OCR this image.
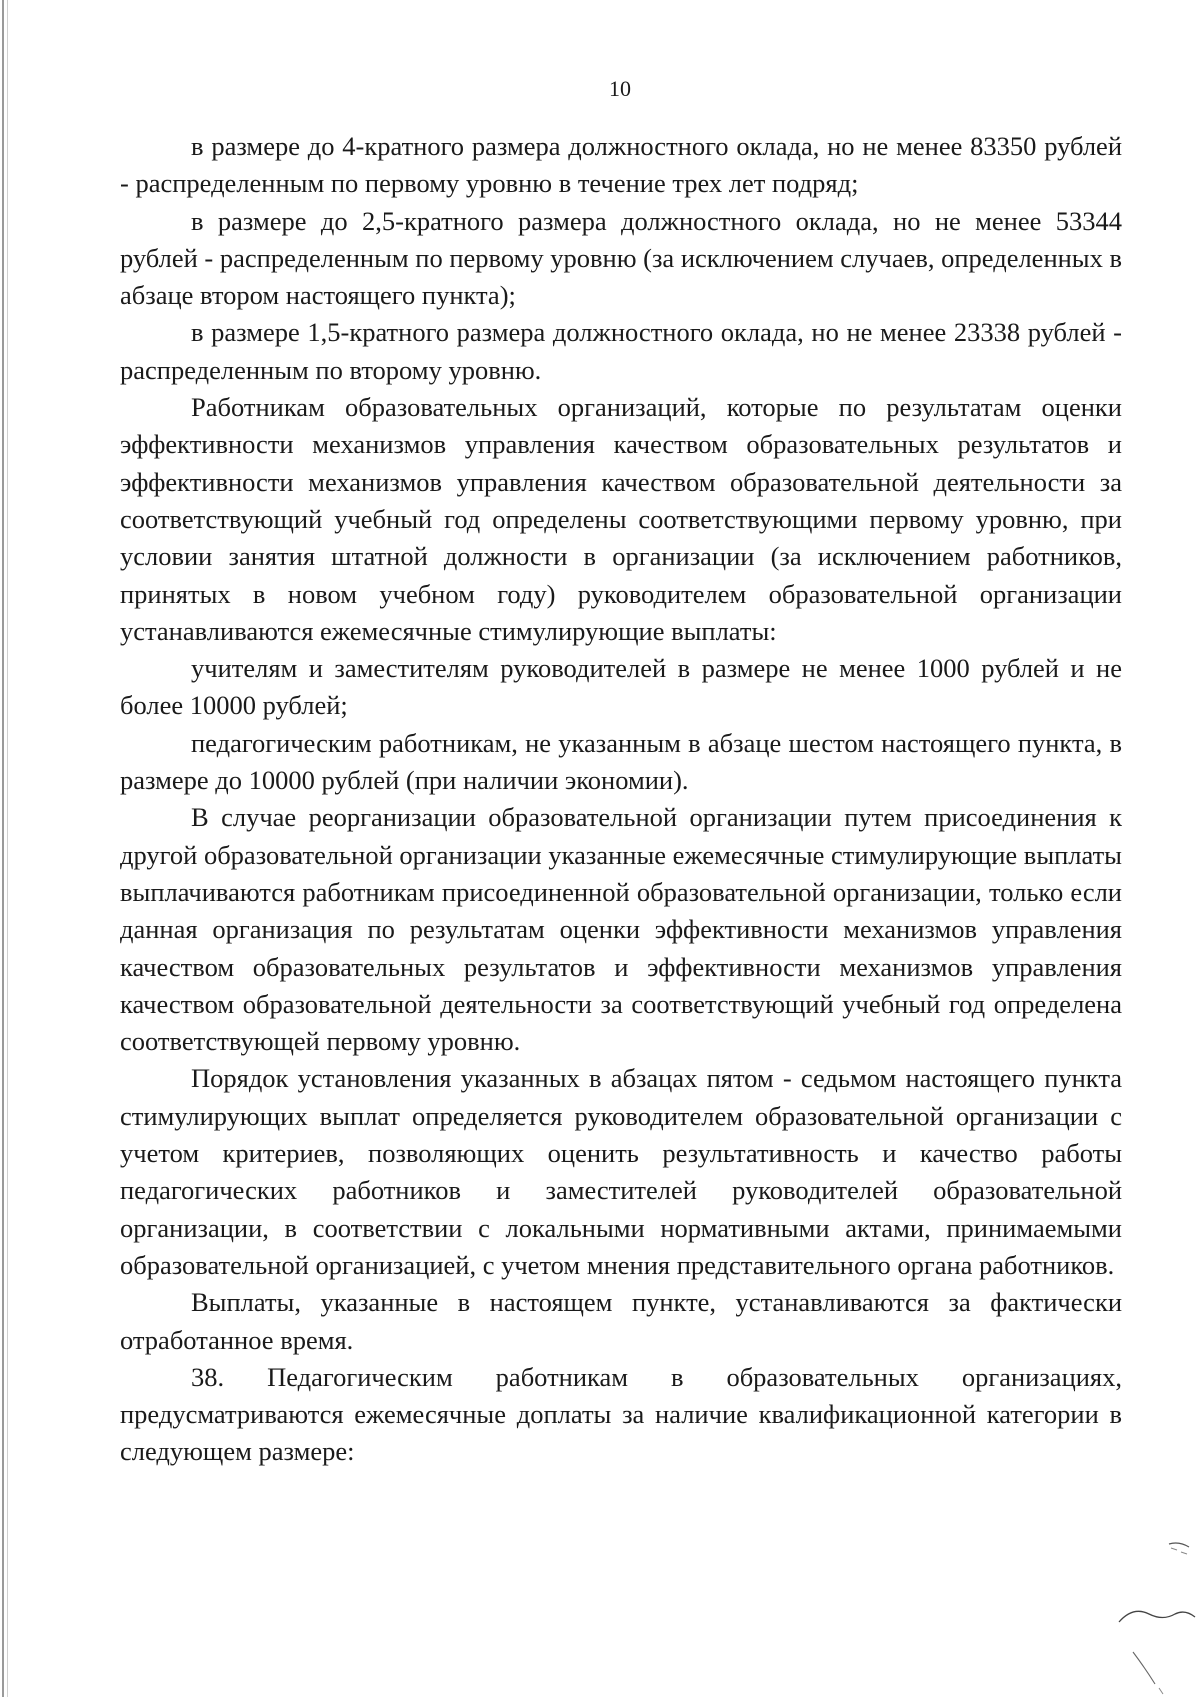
10

в размере до 4-кратного размера должностного оклада, но не менее 83350 рублей - распределенным по первому уровню в течение трех лет подряд;

в размере до 2,5-кратного размера должностного оклада, но не менее 53344 рублей - распределенным по первому уровню (за исключением случаев, определенных в абзаце втором настоящего пункта);

в размере 1,5-кратного размера должностного оклада, но не менее 23338 рублей - распределенным по второму уровню.

Работникам образовательных организаций, которые по результатам оценки эффективности механизмов управления качеством образовательных результатов и эффективности механизмов управления качеством образовательной деятельности за соответствующий учебный год определены соответствующими первому уровню, при условии занятия штатной должности в организации (за исключением работников, принятых в новом учебном году) руководителем образовательной организации устанавливаются ежемесячные стимулирующие выплаты:

учителям и заместителям руководителей в размере не менее 1000 рублей и не более 10000 рублей;

педагогическим работникам, не указанным в абзаце шестом настоящего пункта, в размере до 10000 рублей (при наличии экономии).

В случае реорганизации образовательной организации путем присоединения к другой образовательной организации указанные ежемесячные стимулирующие выплаты выплачиваются работникам присоединенной образовательной организации, только если данная организация по результатам оценки эффективности механизмов управления качеством образовательных результатов и эффективности механизмов управления качеством образовательной деятельности за соответствующий учебный год определена соответствующей первому уровню.

Порядок установления указанных в абзацах пятом - седьмом настоящего пункта стимулирующих выплат определяется руководителем образовательной организации с учетом критериев, позволяющих оценить результативность и качество работы педагогических работников и заместителей руководителей образовательной организации, в соответствии с локальными нормативными актами, принимаемыми образовательной организацией, с учетом мнения представительного органа работников.

Выплаты, указанные в настоящем пункте, устанавливаются за фактически отработанное время.

38. Педагогическим работникам в образовательных организациях, предусматриваются ежемесячные доплаты за наличие квалификационной категории в следующем размере:
